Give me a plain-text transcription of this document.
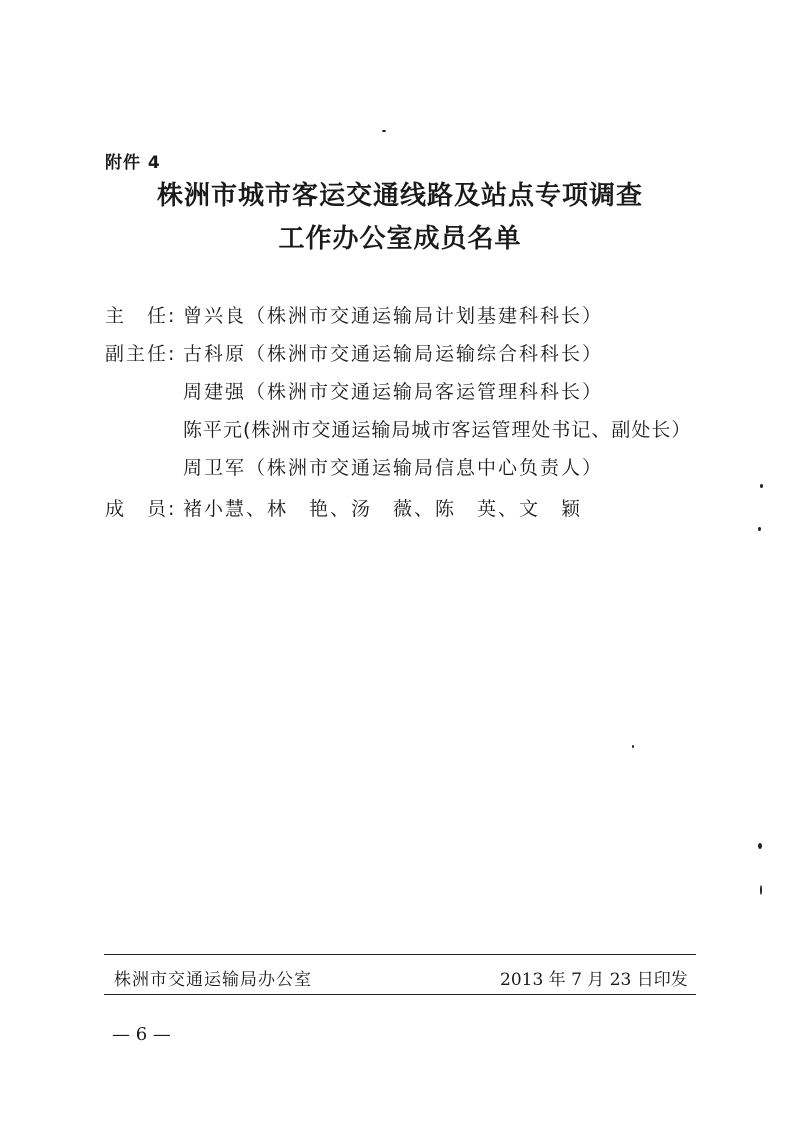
附件 4
株洲市城市客运交通线路及站点专项调查
工作办公室成员名单
主　任: 曾兴良（株洲市交通运输局计划基建科科长）
副主任: 古科原（株洲市交通运输局运输综合科科长）
周建强（株洲市交通运输局客运管理科科长）
陈平元(株洲市交通运输局城市客运管理处书记、副处长）
周卫军（株洲市交通运输局信息中心负责人）
成　员: 褚小慧、林　艳、汤　薇、陈　英、文　颖
株洲市交通运输局办公室	2013 年 7 月 23 日印发
— 6 —
